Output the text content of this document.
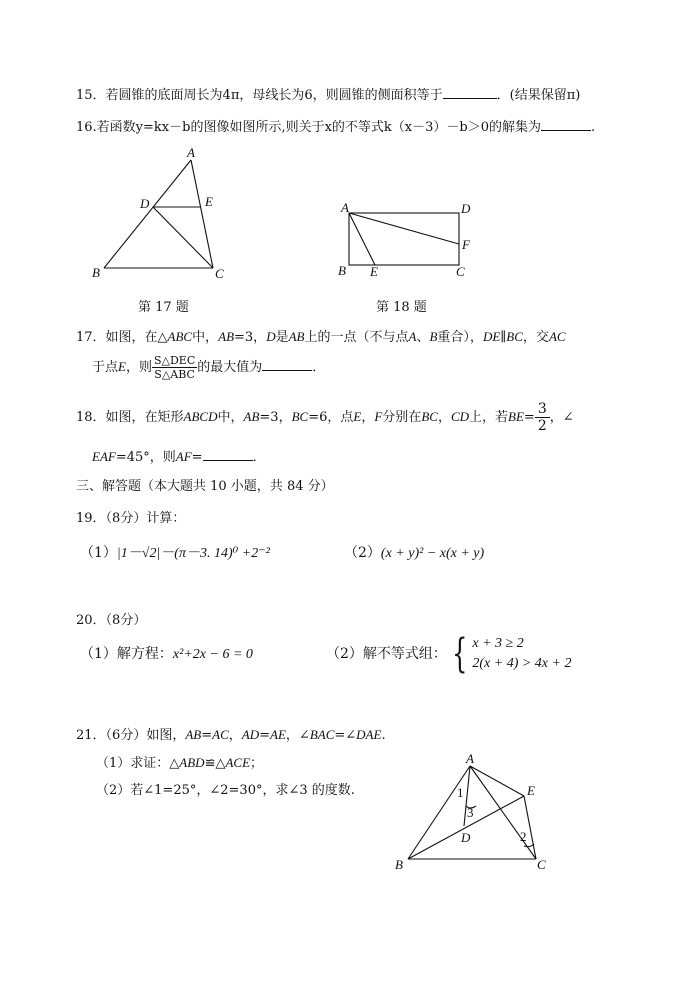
15．若圆锥的底面周长为4π，母线长为6，则圆锥的侧面积等于	．(结果保留π)
16.若函数y=kx－b的图像如图所示,则关于x的不等式k（x－3）－b＞0的解集为	.
A
D	E
B	C
A	D
F
B E	C
A
E
1
3
D	2
B	C
第 17 题	第 18 题
17．如图，在△ABC中，AB=3，D是AB上的一点（不与点A、B重合），DE∥BC，交AC
于点E，则 $\frac{\text{S△DEC}}{\text{S△ABC}}$ 的最大值为	．
18．如图，在矩形ABCD中，AB=3，BC=6，点E，F分别在BC，CD上，若$BE= \frac{3}{2}$ ，∠
EAF=45°，则AF=	．
三、解答题（本大题共 10 小题，共 84 分）
19．（8分）计算：
（1）|1－√2|－(π－3. 14)⁰ +2⁻²	（2）(x + y)² − x(x + y)
20．（8分）
（1）解方程：x²+2x − 6 = 0	（2）解不等式组： { x + 3 ≥ 2
2(x + 4) > 4x + 2
21．（6分）如图，AB=AC，AD=AE，∠BAC=∠DAE.
（1）求证：△ABD≌△ACE；
（2）若∠1=25°，∠2=30°，求∠3 的度数.
